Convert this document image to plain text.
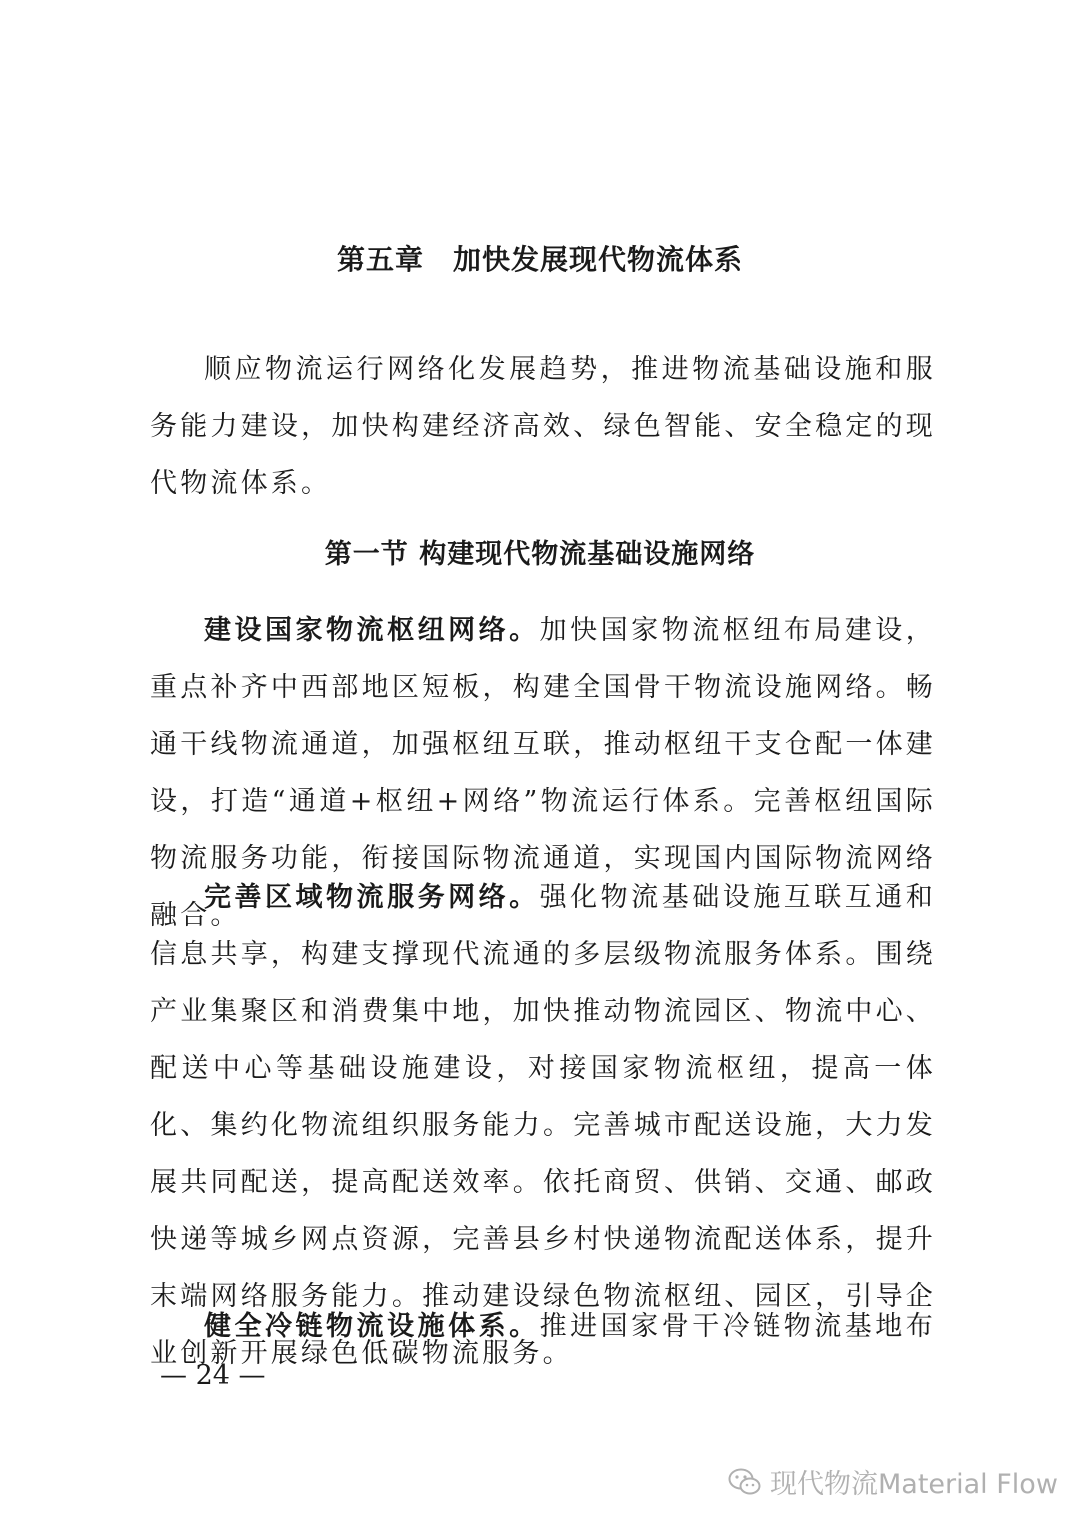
第五章　加快发展现代物流体系

顺应物流运行网络化发展趋势，推进物流基础设施和服务能力建设，加快构建经济高效、绿色智能、安全稳定的现代物流体系。

第一节 构建现代物流基础设施网络

建设国家物流枢纽网络。加快国家物流枢纽布局建设，重点补齐中西部地区短板，构建全国骨干物流设施网络。畅通干线物流通道，加强枢纽互联，推动枢纽干支仓配一体建设，打造“通道+枢纽+网络”物流运行体系。完善枢纽国际物流服务功能，衔接国际物流通道，实现国内国际物流网络融合。

完善区域物流服务网络。强化物流基础设施互联互通和信息共享，构建支撑现代流通的多层级物流服务体系。围绕产业集聚区和消费集中地，加快推动物流园区、物流中心、配送中心等基础设施建设，对接国家物流枢纽，提高一体化、集约化物流组织服务能力。完善城市配送设施，大力发展共同配送，提高配送效率。依托商贸、供销、交通、邮政快递等城乡网点资源，完善县乡村快递物流配送体系，提升末端网络服务能力。推动建设绿色物流枢纽、园区，引导企业创新开展绿色低碳物流服务。

健全冷链物流设施体系。推进国家骨干冷链物流基地布

— 24 —
现代物流Material Flow
